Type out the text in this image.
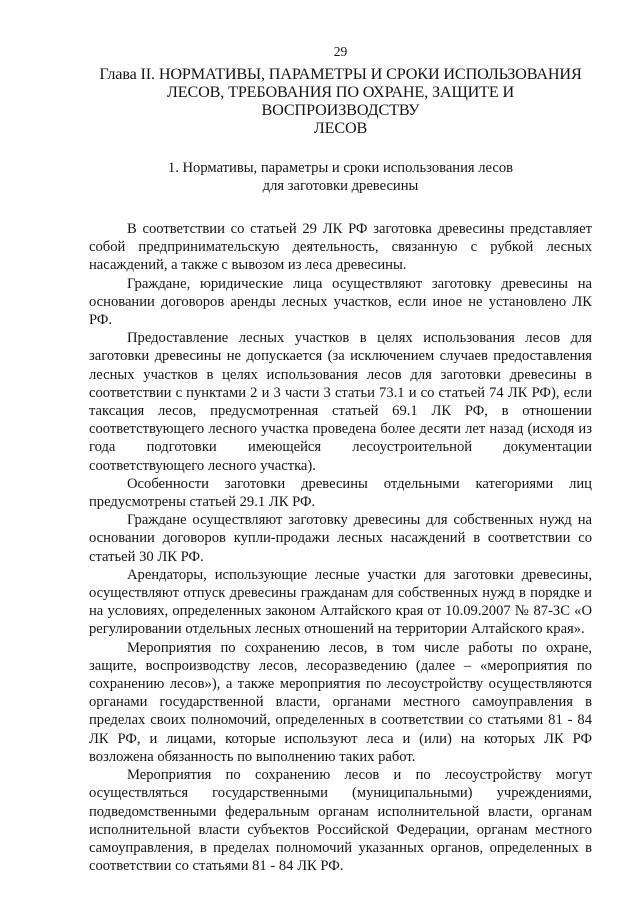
29
Глава II. НОРМАТИВЫ, ПАРАМЕТРЫ И СРОКИ ИСПОЛЬЗОВАНИЯ
ЛЕСОВ, ТРЕБОВАНИЯ ПО ОХРАНЕ, ЗАЩИТЕ И ВОСПРОИЗВОДСТВУ
ЛЕСОВ
1. Нормативы, параметры и сроки использования лесов
для заготовки древесины

В соответствии со статьей 29 ЛК РФ заготовка древесины представляет собой предпринимательскую деятельность, связанную с рубкой лесных насаждений, а также с вывозом из леса древесины.

Граждане, юридические лица осуществляют заготовку древесины на основании договоров аренды лесных участков, если иное не установлено ЛК РФ.

Предоставление лесных участков в целях использования лесов для заготовки древесины не допускается (за исключением случаев предоставления лесных участков в целях использования лесов для заготовки древесины в соответствии с пунктами 2 и 3 части 3 статьи 73.1 и со статьей 74 ЛК РФ), если таксация лесов, предусмотренная статьей 69.1 ЛК РФ, в отношении соответствующего лесного участка проведена более десяти лет назад (исходя из года подготовки имеющейся лесоустроительной документации соответствующего лесного участка).

Особенности заготовки древесины отдельными категориями лиц предусмотрены статьей 29.1 ЛК РФ.

Граждане осуществляют заготовку древесины для собственных нужд на основании договоров купли-продажи лесных насаждений в соответствии со статьей 30 ЛК РФ.

Арендаторы, использующие лесные участки для заготовки древесины, осуществляют отпуск древесины гражданам для собственных нужд в порядке и на условиях, определенных законом Алтайского края от 10.09.2007 № 87-ЗС «О регулировании отдельных лесных отношений на территории Алтайского края».

Мероприятия по сохранению лесов, в том числе работы по охране, защите, воспроизводству лесов, лесоразведению (далее – «мероприятия по сохранению лесов»), а также мероприятия по лесоустройству осуществляются органами государственной власти, органами местного самоуправления в пределах своих полномочий, определенных в соответствии со статьями 81 - 84 ЛК РФ, и лицами, которые используют леса и (или) на которых ЛК РФ возложена обязанность по выполнению таких работ.

Мероприятия по сохранению лесов и по лесоустройству могут осуществляться государственными (муниципальными) учреждениями, подведомственными федеральным органам исполнительной власти, органам исполнительной власти субъектов Российской Федерации, органам местного самоуправления, в пределах полномочий указанных органов, определенных в соответствии со статьями 81 - 84 ЛК РФ.
